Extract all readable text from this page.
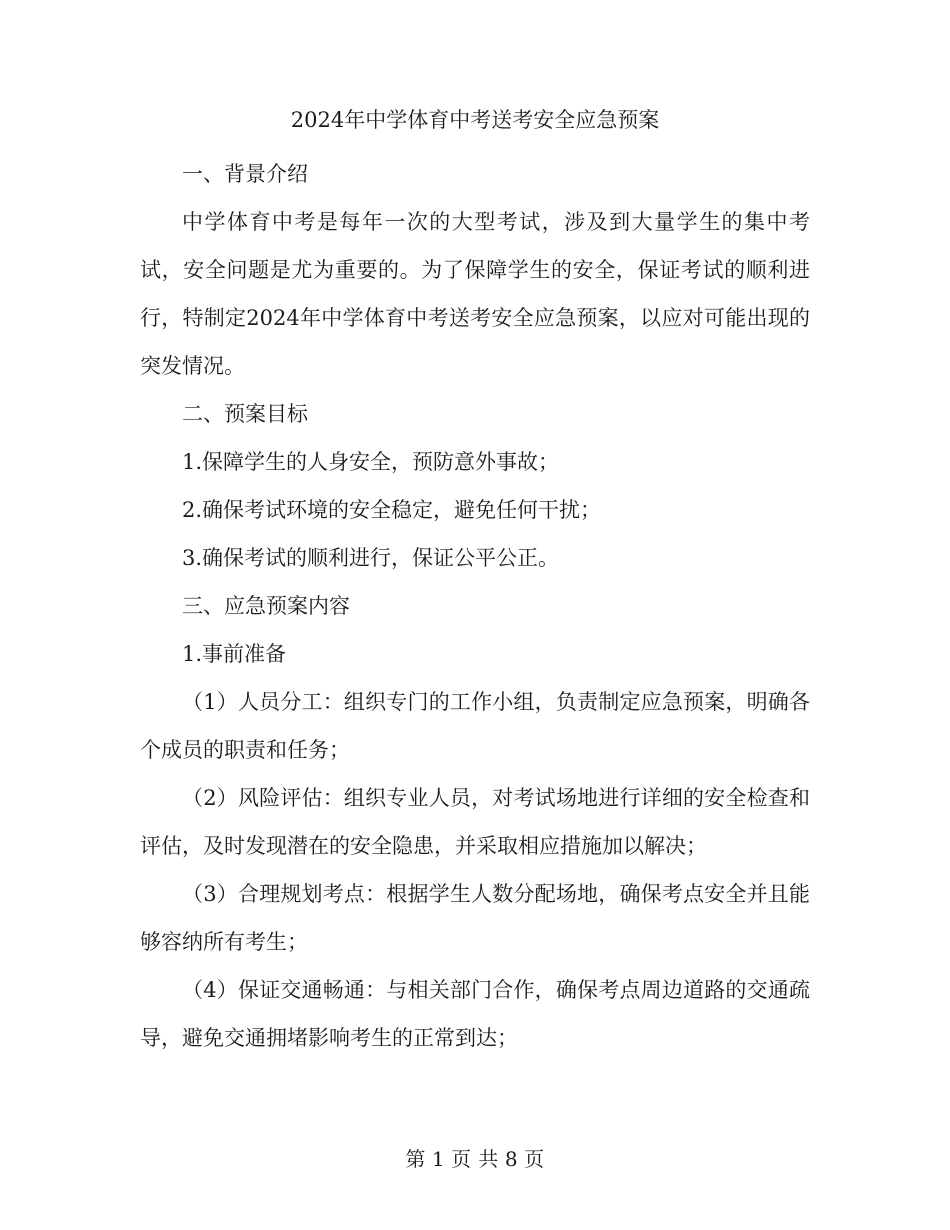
2024年中学体育中考送考安全应急预案

一、背景介绍

中学体育中考是每年一次的大型考试，涉及到大量学生的集中考试，安全问题是尤为重要的。为了保障学生的安全，保证考试的顺利进行，特制定2024年中学体育中考送考安全应急预案，以应对可能出现的突发情况。

二、预案目标

1.保障学生的人身安全，预防意外事故；

2.确保考试环境的安全稳定，避免任何干扰；

3.确保考试的顺利进行，保证公平公正。

三、应急预案内容

1.事前准备

（1）人员分工：组织专门的工作小组，负责制定应急预案，明确各个成员的职责和任务；

（2）风险评估：组织专业人员，对考试场地进行详细的安全检查和评估，及时发现潜在的安全隐患，并采取相应措施加以解决；

（3）合理规划考点：根据学生人数分配场地，确保考点安全并且能够容纳所有考生；

（4）保证交通畅通：与相关部门合作，确保考点周边道路的交通疏导，避免交通拥堵影响考生的正常到达；

第 1 页 共 8 页
